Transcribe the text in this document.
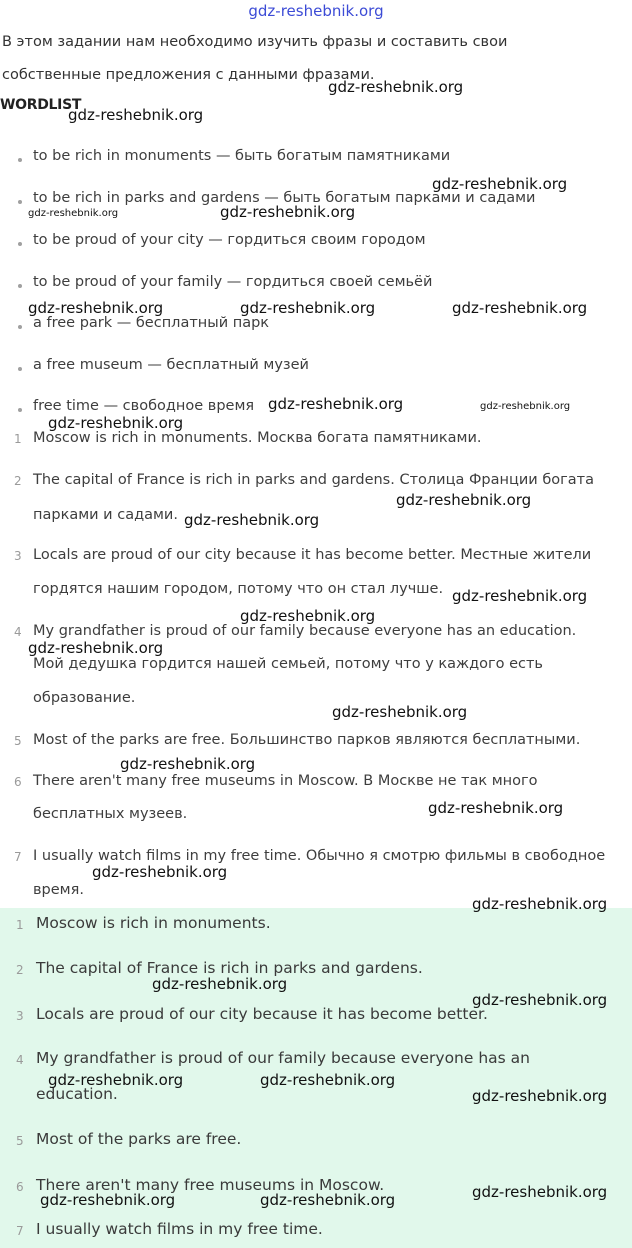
gdz-reshebnik.org
В этом задании нам необходимо изучить фразы и составить свои
собственные предложения с данными фразами.
WORDLIST
to be rich in monuments — быть богатым памятниками
to be rich in parks and gardens — быть богатым парками и садами
to be proud of your city — гордиться своим городом
to be proud of your family — гордиться своей семьёй
a free park — бесплатный парк
a free museum — бесплатный музей
free time — свободное время
1 Moscow is rich in monuments. Москва богата памятниками.
2 The capital of France is rich in parks and gardens. Столица Франции богата
парками и садами.
3 Locals are proud of our city because it has become better. Местные жители
гордятся нашим городом, потому что он стал лучше.
4 My grandfather is proud of our family because everyone has an education.
Мой дедушка гордится нашей семьей, потому что у каждого есть
образование.
5 Most of the parks are free. Большинство парков являются бесплатными.
6 There aren't many free museums in Moscow. В Москве не так много
бесплатных музеев.
7 I usually watch films in my free time. Обычно я смотрю фильмы в свободное
время.
1 Moscow is rich in monuments.
2 The capital of France is rich in parks and gardens.
3 Locals are proud of our city because it has become better.
4 My grandfather is proud of our family because everyone has an
education.
5 Most of the parks are free.
6 There aren't many free museums in Moscow.
7 I usually watch films in my free time.
gdz-reshebnik.org
gdz-reshebnik.org
gdz-reshebnik.org
gdz-reshebnik.org	gdz-reshebnik.org
gdz-reshebnik.org	gdz-reshebnik.org	gdz-reshebnik.org
gdz-reshebnik.org	gdz-reshebnik.org
gdz-reshebnik.org
gdz-reshebnik.org
gdz-reshebnik.org
gdz-reshebnik.org
gdz-reshebnik.org
gdz-reshebnik.org
gdz-reshebnik.org
gdz-reshebnik.org
gdz-reshebnik.org
gdz-reshebnik.org
gdz-reshebnik.org
gdz-reshebnik.org
gdz-reshebnik.org
gdz-reshebnik.org	gdz-reshebnik.org
gdz-reshebnik.org
gdz-reshebnik.org
gdz-reshebnik.org	gdz-reshebnik.org
